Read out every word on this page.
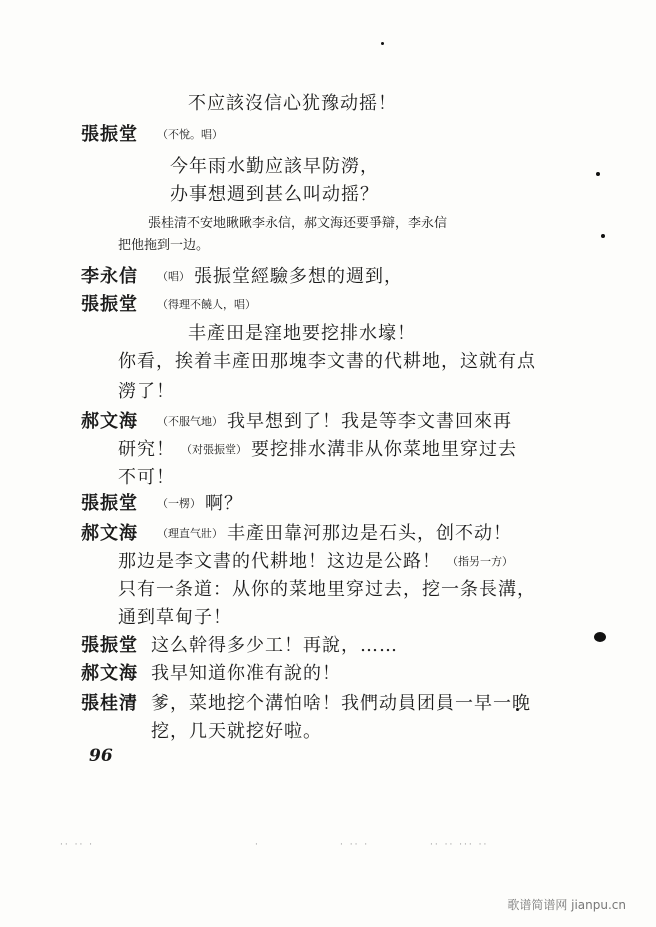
不应該沒信心犹豫动摇！
張振堂 （不悅。唱）
今年雨水勤应該早防澇，
办事想週到甚么叫动摇？
張桂清不安地瞅瞅李永信，郝文海还要爭辯，李永信
把他拖到一边。
李永信 （唱） 張振堂經驗多想的週到，
張振堂 （得理不饒人，唱）
丰產田是窪地要挖排水壕！
你看，挨着丰產田那塊李文書的代耕地，这就有点
澇了！
郝文海 （不服气地） 我早想到了！我是等李文書回來再
研究！ （对張振堂） 要挖排水溝非从你菜地里穿过去
不可！
張振堂 （一楞） 啊？
郝文海 （理直气壯） 丰產田靠河那边是石头，创不动！
那边是李文書的代耕地！这边是公路！ （指另一方）
只有一条道：从你的菜地里穿过去，挖一条長溝，
通到草甸子！
張振堂 这么幹得多少工！再說，……
郝文海 我早知道你准有說的！
張桂清 爹，菜地挖个溝怕啥！我們动員团員一早一晚
挖，几天就挖好啦。
96
·· ·· ·	·	· ·· ·	·· ·· ··· ··
歌谱简谱网 jianpu.cn
